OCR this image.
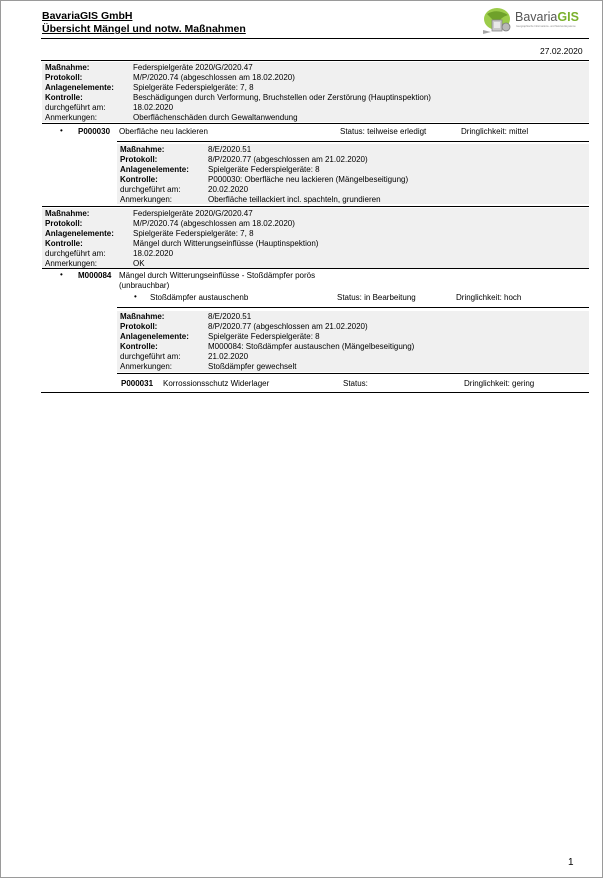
BavariaGIS GmbH
Übersicht Mängel und notw. Maßnahmen
BavariaGIS
Geographische Informations- und Netzwerksysteme
27.02.2020
Maßnahme:	Federspielgeräte 2020/G/2020.47
Protokoll:	M/P/2020.74 (abgeschlossen am 18.02.2020)
Anlagenelemente: Spielgeräte Federspielgeräte: 7, 8
Kontrolle:	Beschädigungen durch Verformung, Bruchstellen oder Zerstörung (Hauptinspektion)
durchgeführt am:	18.02.2020
Anmerkungen:	Oberflächenschäden durch Gewaltanwendung
• P000030 Oberfläche neu lackieren	Status: teilweise erledigt	Dringlichkeit: mittel
Maßnahme:	8/E/2020.51
Protokoll:	8/P/2020.77 (abgeschlossen am 21.02.2020)
Anlagenelemente: Spielgeräte Federspielgeräte: 8
Kontrolle:	P000030: Oberfläche neu lackieren (Mängelbeseitigung)
durchgeführt am:	20.02.2020
Anmerkungen:	Oberfläche teillackiert incl. spachteln, grundieren
Maßnahme:	Federspielgeräte 2020/G/2020.47
Protokoll:	M/P/2020.74 (abgeschlossen am 18.02.2020)
Anlagenelemente: Spielgeräte Federspielgeräte: 7, 8
Kontrolle:	Mängel durch Witterungseinflüsse (Hauptinspektion)
durchgeführt am:	18.02.2020
Anmerkungen:	OK
• M000084 Mängel durch Witterungseinflüsse - Stoßdämpfer porös
(unbrauchbar)
• Stoßdämpfer austauschenb	Status: in Bearbeitung	Dringlichkeit: hoch
Maßnahme:	8/E/2020.51
Protokoll:	8/P/2020.77 (abgeschlossen am 21.02.2020)
Anlagenelemente: Spielgeräte Federspielgeräte: 8
Kontrolle:	M000084: Stoßdämpfer austauschen (Mängelbeseitigung)
durchgeführt am:	21.02.2020
Anmerkungen:	Stoßdämpfer gewechselt
P000031 Korrossionsschutz Widerlager	Status:	Dringlichkeit: gering
1
